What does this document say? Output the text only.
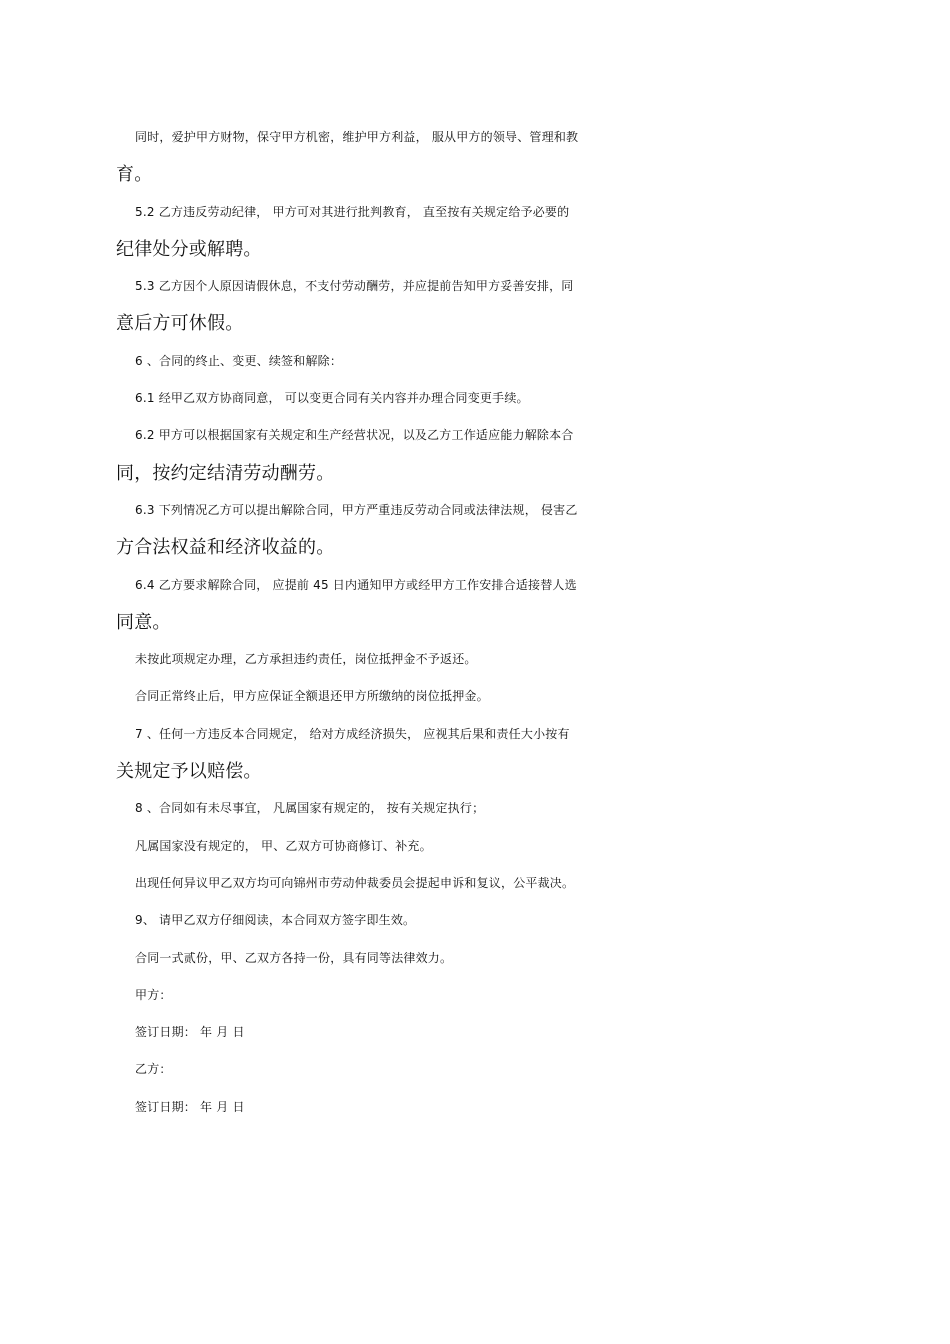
同时，爱护甲方财物，保守甲方机密，维护甲方利益， 服从甲方的领导、管理和教
育。
5.2 乙方违反劳动纪律， 甲方可对其进行批判教育， 直至按有关规定给予必要的
纪律处分或解聘。
5.3 乙方因个人原因请假休息，不支付劳动酬劳，并应提前告知甲方妥善安排，同
意后方可休假。
6 、合同的终止、变更、续签和解除：
6.1 经甲乙双方协商同意， 可以变更合同有关内容并办理合同变更手续。
6.2 甲方可以根据国家有关规定和生产经营状况，以及乙方工作适应能力解除本合
同，按约定结清劳动酬劳。
6.3 下列情况乙方可以提出解除合同，甲方严重违反劳动合同或法律法规， 侵害乙
方合法权益和经济收益的。
6.4 乙方要求解除合同， 应提前 45 日内通知甲方或经甲方工作安排合适接替人选
同意。
未按此项规定办理，乙方承担违约责任，岗位抵押金不予返还。
合同正常终止后，甲方应保证全额退还甲方所缴纳的岗位抵押金。
7 、任何一方违反本合同规定， 给对方成经济损失， 应视其后果和责任大小按有
关规定予以赔偿。
8 、合同如有未尽事宜， 凡属国家有规定的， 按有关规定执行；
凡属国家没有规定的， 甲、乙双方可协商修订、补充。
出现任何异议甲乙双方均可向锦州市劳动仲裁委员会提起申诉和复议，公平裁决。
9、 请甲乙双方仔细阅读，本合同双方签字即生效。
合同一式贰份，甲、乙双方各持一份，具有同等法律效力。
甲方：
签订日期： 年 月 日
乙方：
签订日期： 年 月 日
